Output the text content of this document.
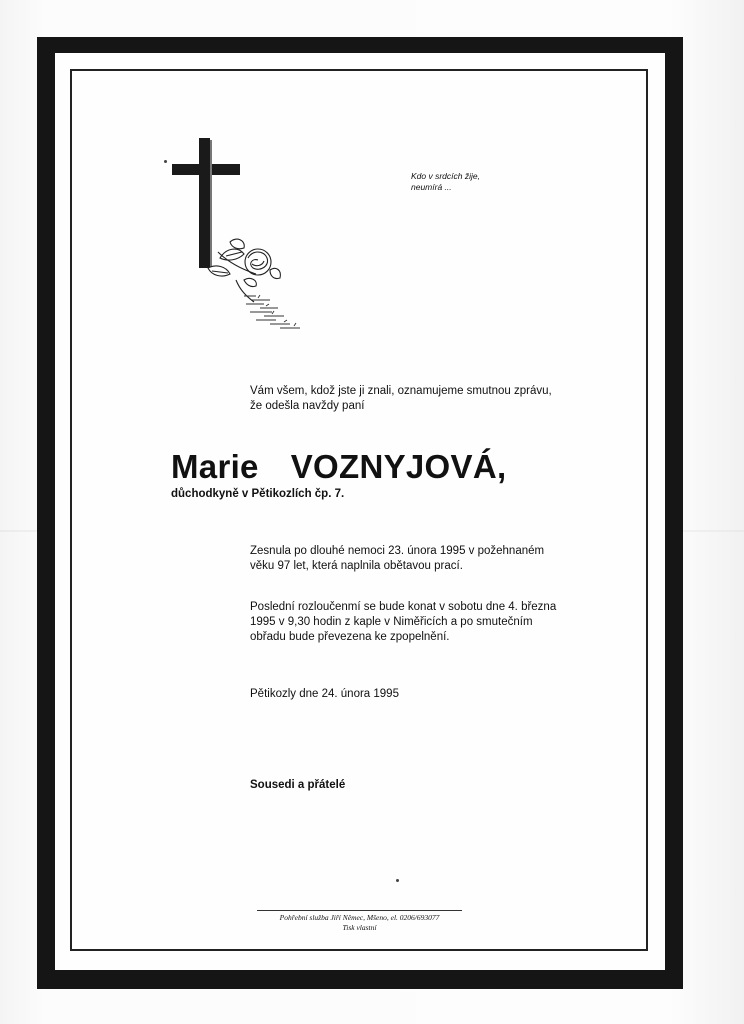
Kdo v srdcích žije,
neumírá ...
Vám všem, kdož jste ji znali, oznamujeme smutnou zprávu,
že odešla navždy paní
Marie VOZNYJOVÁ,
důchodkyně v Pětikozlích čp. 7.
Zesnula po dlouhé nemoci 23. února 1995 v požehnaném
věku 97 let, která naplnila obětavou prací.
Poslední rozloučenmí se bude konat v sobotu dne 4. března
1995 v 9,30 hodin z kaple v Niměřicích a po smutečním
obřadu bude převezena ke zpopelnění.
Pětikozly dne 24. února 1995
Sousedi a přátelé
Pohřební služba Jiří Němec, Mšeno, el. 0206/693077
Tisk vlastní
